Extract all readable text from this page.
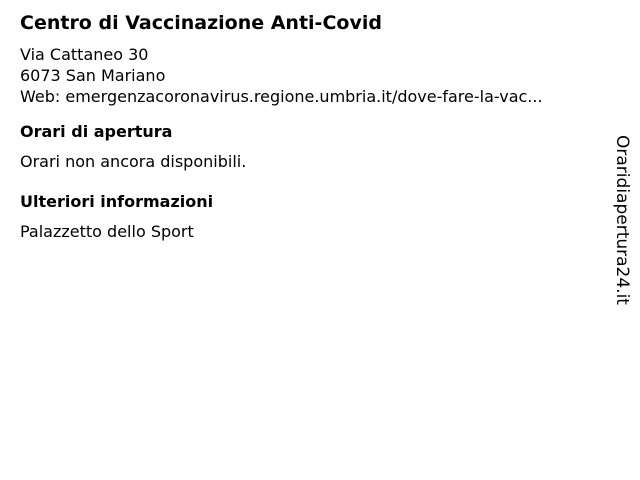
Centro di Vaccinazione Anti-Covid
Via Cattaneo 30
6073 San Mariano
Web: emergenzacoronavirus.regione.umbria.it/dove-fare-la-vac...
Orari di apertura
Orari non ancora disponibili.
Ulteriori informazioni
Palazzetto dello Sport	Oraridiapertura24.it
